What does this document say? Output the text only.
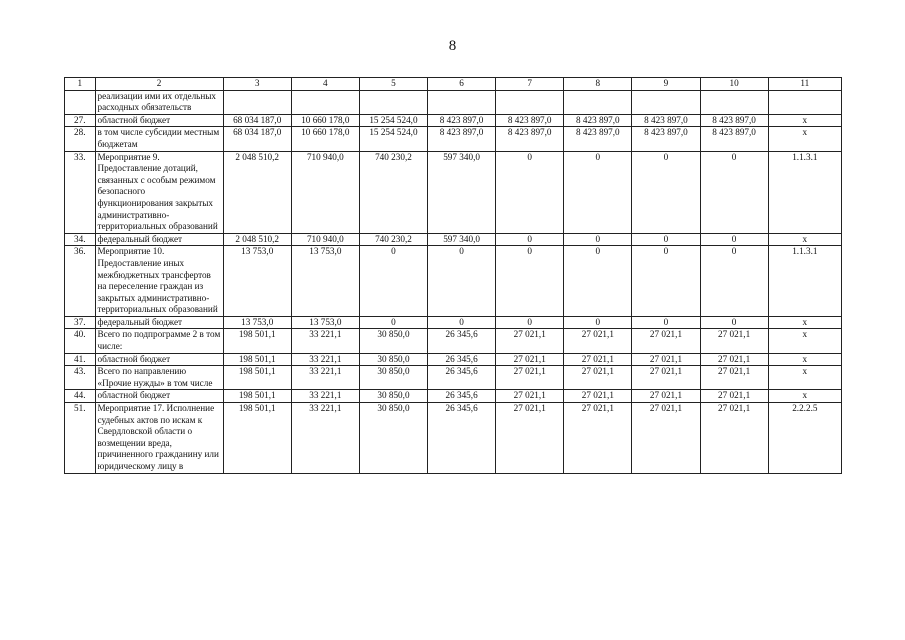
8
1	2	3	4	5	6	7	8	9	10	11
	реализации ими их отдельных расходных обязательств									
27.	областной бюджет	68 034 187,0	10 660 178,0	15 254 524,0	8 423 897,0	8 423 897,0	8 423 897,0	8 423 897,0	8 423 897,0	x
28.	в том числе субсидии местным бюджетам	68 034 187,0	10 660 178,0	15 254 524,0	8 423 897,0	8 423 897,0	8 423 897,0	8 423 897,0	8 423 897,0	x
33.	Мероприятие 9. Предоставление дотаций, связанных с особым режимом безопасного функционирования закрытых административно-территориальных образований	2 048 510,2	710 940,0	740 230,2	597 340,0	0	0	0	0	1.1.3.1
34.	федеральный бюджет	2 048 510,2	710 940,0	740 230,2	597 340,0	0	0	0	0	x
36.	Мероприятие 10. Предоставление иных межбюджетных трансфертов на переселение граждан из закрытых административно-территориальных образований	13 753,0	13 753,0	0	0	0	0	0	0	1.1.3.1
37.	федеральный бюджет	13 753,0	13 753,0	0	0	0	0	0	0	x
40.	Всего по подпрограмме 2 в том числе:	198 501,1	33 221,1	30 850,0	26 345,6	27 021,1	27 021,1	27 021,1	27 021,1	x
41.	областной бюджет	198 501,1	33 221,1	30 850,0	26 345,6	27 021,1	27 021,1	27 021,1	27 021,1	x
43.	Всего по направлению «Прочие нужды» в том числе	198 501,1	33 221,1	30 850,0	26 345,6	27 021,1	27 021,1	27 021,1	27 021,1	x
44.	областной бюджет	198 501,1	33 221,1	30 850,0	26 345,6	27 021,1	27 021,1	27 021,1	27 021,1	x
51.	Мероприятие 17. Исполнение судебных актов по искам к Свердловской области о возмещении вреда, причиненного гражданину или юридическому лицу в	198 501,1	33 221,1	30 850,0	26 345,6	27 021,1	27 021,1	27 021,1	27 021,1	2.2.2.5
